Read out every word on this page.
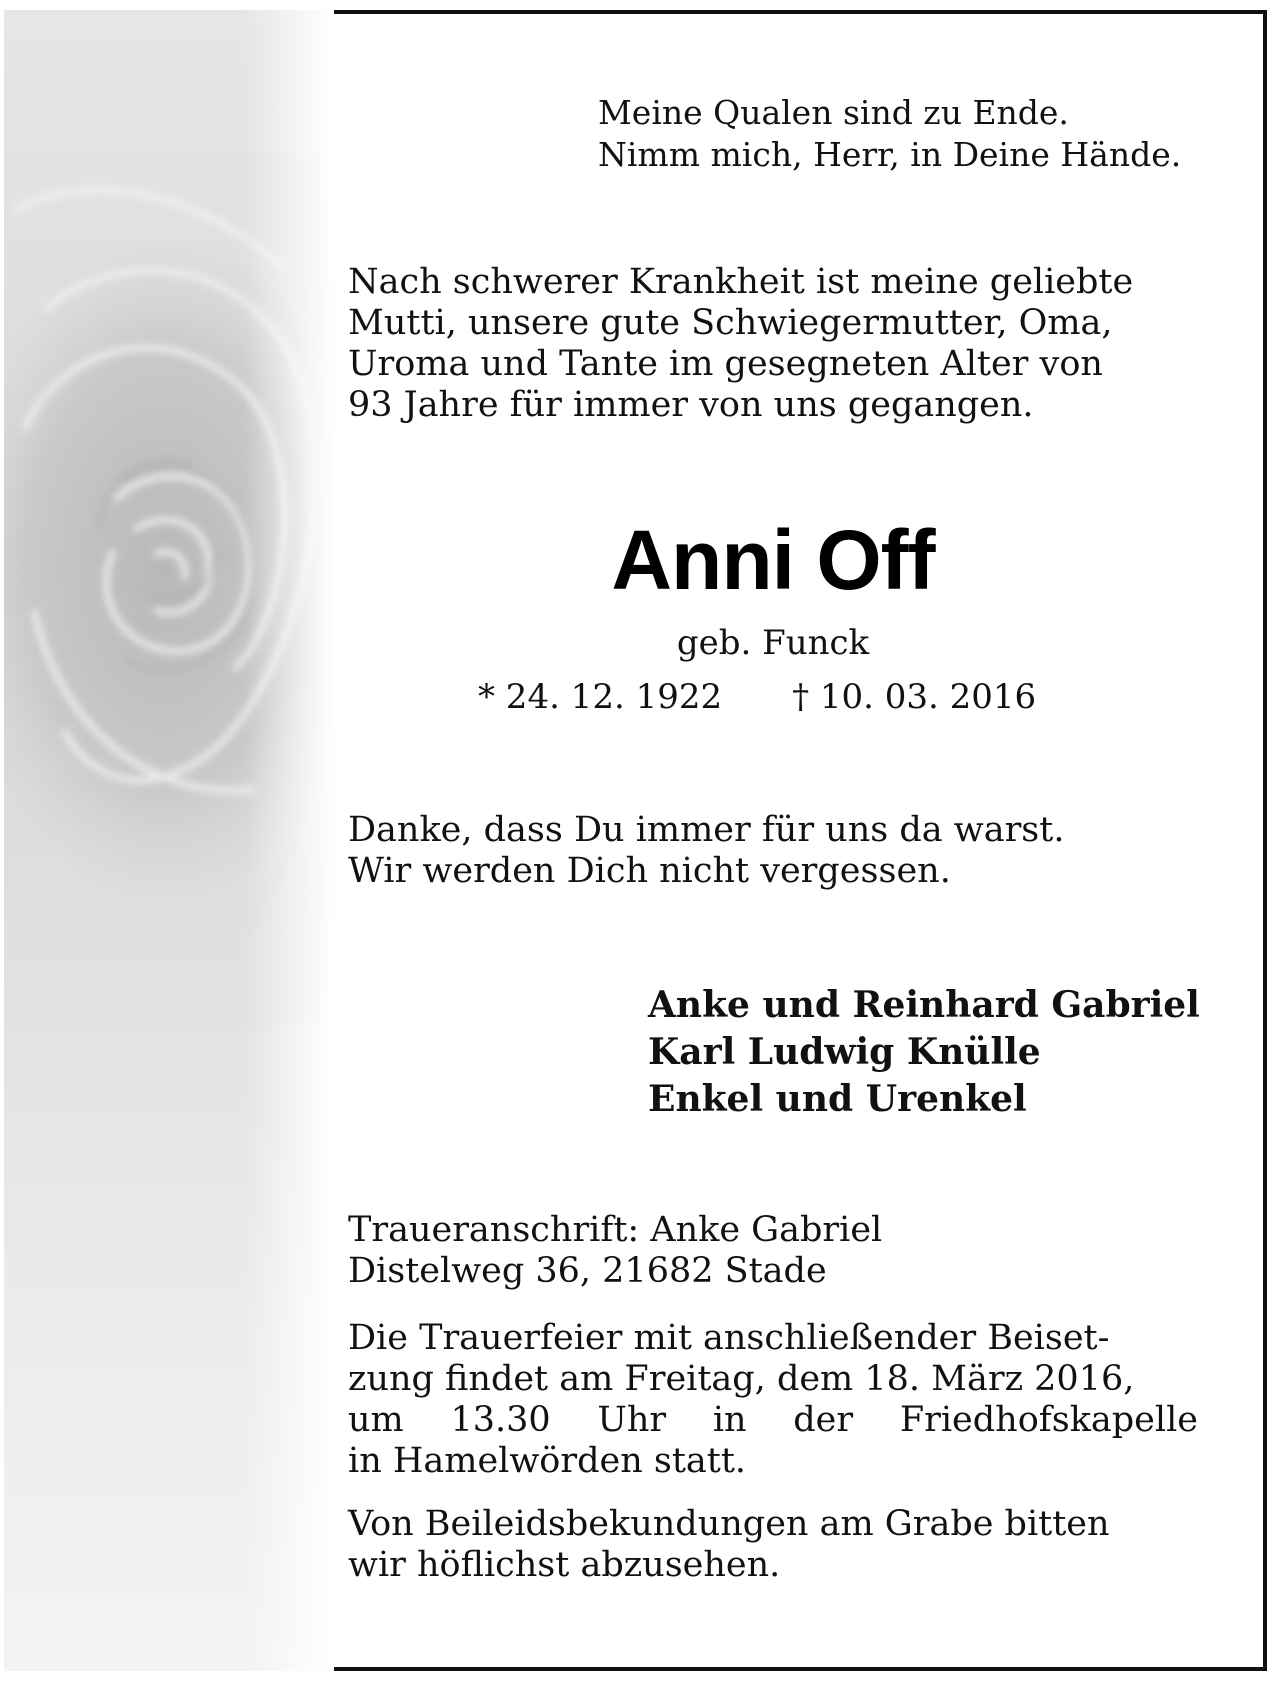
Meine Qualen sind zu Ende.
Nimm mich, Herr, in Deine Hände.
Nach schwerer Krankheit ist meine geliebte
Mutti, unsere gute Schwiegermutter, Oma,
Uroma und Tante im gesegneten Alter von
93 Jahre für immer von uns gegangen.
Anni Off
geb. Funck
* 24. 12. 1922 † 10. 03. 2016
Danke, dass Du immer für uns da warst.
Wir werden Dich nicht vergessen.
Anke und Reinhard Gabriel
Karl Ludwig Knülle
Enkel und Urenkel
Traueranschrift: Anke Gabriel
Distelweg 36, 21682 Stade
Die Trauerfeier mit anschließender Beiset-
zung findet am Freitag, dem 18. März 2016,
um 13.30 Uhr in der Friedhofskapelle
in Hamelwörden statt.
Von Beileidsbekundungen am Grabe bitten
wir höflichst abzusehen.
